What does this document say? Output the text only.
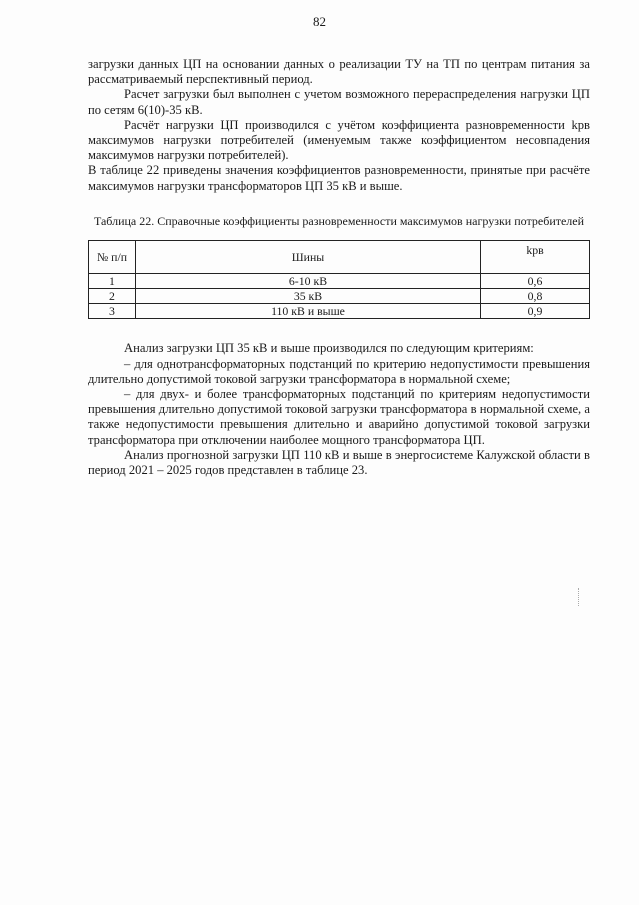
82

загрузки данных ЦП на основании данных о реализации ТУ на ТП по центрам питания за рассматриваемый перспективный период.

Расчет загрузки был выполнен с учетом возможного перераспределения нагрузки ЦП по сетям 6(10)-35 кВ.

Расчёт нагрузки ЦП производился с учётом коэффициента разновременности kрв максимумов нагрузки потребителей (именуемым также коэффициентом несовпадения максимумов нагрузки потребителей).

В таблице 22 приведены значения коэффициентов разновременности, принятые при расчёте максимумов нагрузки трансформаторов ЦП 35 кВ и выше.

Таблица 22. Справочные коэффициенты разновременности максимумов нагрузки потребителей

№ п/п	Шины	kрв
1	6-10 кВ	0,6
2	35 кВ	0,8
3	110 кВ и выше	0,9

Анализ загрузки ЦП 35 кВ и выше производился по следующим критериям:

– для однотрансформаторных подстанций по критерию недопустимости превышения длительно допустимой токовой загрузки трансформатора в нормальной схеме;

– для двух- и более трансформаторных подстанций по критериям недопустимости превышения длительно допустимой токовой загрузки трансформатора в нормальной схеме, а также недопустимости превышения длительно и аварийно допустимой токовой загрузки трансформатора при отключении наиболее мощного трансформатора ЦП.

Анализ прогнозной загрузки ЦП 110 кВ и выше в энергосистеме Калужской области в период 2021 – 2025 годов представлен в таблице 23.
